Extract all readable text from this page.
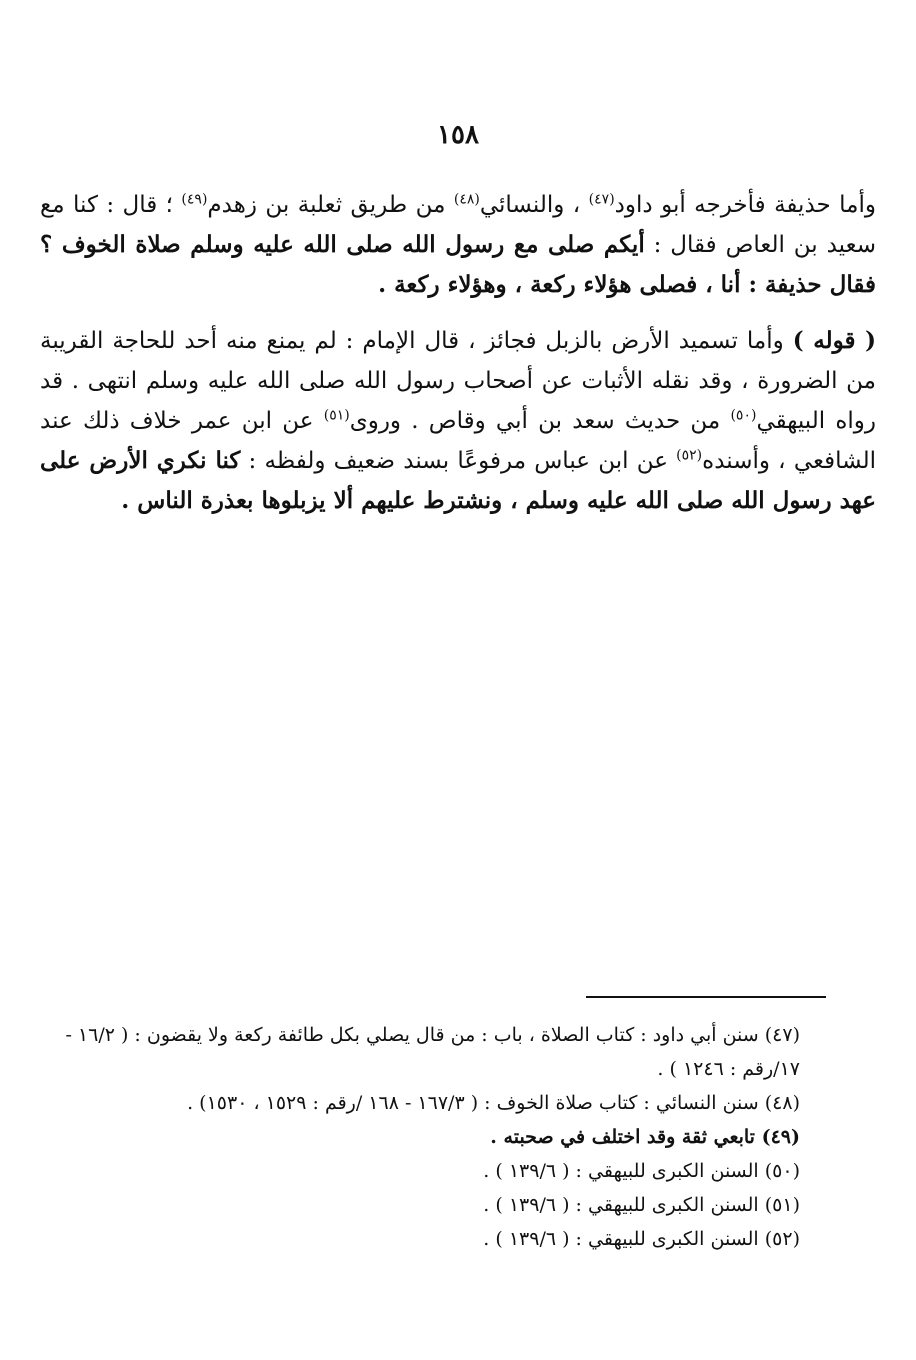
١٥٨

وأما حذيفة فأخرجه أبو داود$^{(٤٧)}$ ، والنسائي$^{(٤٨)}$ من طريق ثعلبة بن زهدم$^{(٤٩)}$ ؛ قال : كنا مع سعيد بن العاص فقال : أيكم صلى مع رسول الله صلى الله عليه وسلم صلاة الخوف ؟ فقال حذيفة : أنا ، فصلى هؤلاء ركعة ، وهؤلاء ركعة .

( قوله ) وأما تسميد الأرض بالزبل فجائز ، قال الإمام : لم يمنع منه أحد للحاجة القريبة من الضرورة ، وقد نقله الأثبات عن أصحاب رسول الله صلى الله عليه وسلم انتهى . قد رواه البيهقي$^{(٥٠)}$ من حديث سعد بن أبي وقاص . وروى$^{(٥١)}$ عن ابن عمر خلاف ذلك عند الشافعي ، وأسنده$^{(٥٢)}$ عن ابن عباس مرفوعًا بسند ضعيف ولفظه : كنا نكري الأرض على عهد رسول الله صلى الله عليه وسلم ، ونشترط عليهم ألا يزبلوها بعذرة الناس .

(٤٧) سنن أبي داود : كتاب الصلاة ، باب : من قال يصلي بكل طائفة ركعة ولا يقضون : ( ١٦/٢ - ١٧/رقم : ١٢٤٦ ) .

(٤٨) سنن النسائي : كتاب صلاة الخوف : ( ١٦٧/٣ - ١٦٨ /رقم : ١٥٢٩ ، ١٥٣٠) .

(٤٩) تابعي ثقة وقد اختلف في صحبته .

(٥٠) السنن الكبرى للبيهقي : ( ١٣٩/٦ ) .

(٥١) السنن الكبرى للبيهقي : ( ١٣٩/٦ ) .

(٥٢) السنن الكبرى للبيهقي : ( ١٣٩/٦ ) .
